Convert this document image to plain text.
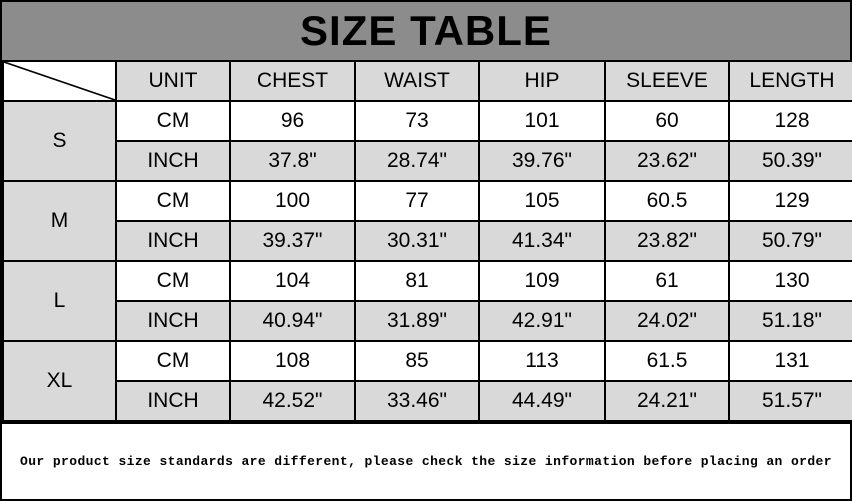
SIZE TABLE
	UNIT	CHEST	WAIST	HIP	SLEEVE	LENGTH
S	CM	96	73	101	60	128
	INCH	37.8"	28.74"	39.76"	23.62"	50.39"
M	CM	100	77	105	60.5	129
	INCH	39.37"	30.31"	41.34"	23.82"	50.79"
L	CM	104	81	109	61	130
	INCH	40.94"	31.89"	42.91"	24.02"	51.18"
XL	CM	108	85	113	61.5	131
	INCH	42.52"	33.46"	44.49"	24.21"	51.57"
Our product size standards are different, please check the size information before placing an order
